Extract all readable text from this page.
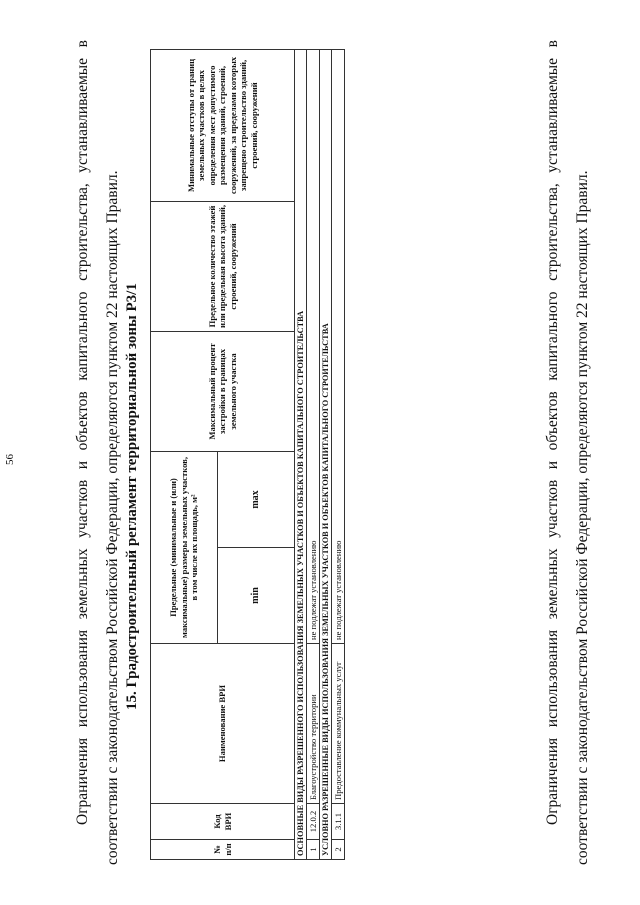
56	Ограничения использования земельных участков и объектов капитального строительства, устанавливаемые в соответствии с законодательством Российской Федерации, определяются пунктом 22 настоящих Правил. 15. Градостроительный регламент территориальной зоны Р3/1
№ п/п	Код ВРИ	Наименование ВРИ	Предельные (минимальные и (или) максимальные) размеры земельных участков, в том числе их площадь, м²		Максимальный процент застройки в границах земельного участка	Предельное количество этажей или предельная высота зданий, строений, сооружений	Минимальные отступы от границ земельных участков в целях определения мест допустимого размещения зданий, строений, сооружений, за пределами которых запрещено строительство зданий, строений, сооружений
			min	max			
ОСНОВНЫЕ ВИДЫ РАЗРЕШЕННОГО ИСПОЛЬЗОВАНИЯ ЗЕМЕЛЬНЫХ УЧАСТКОВ И ОБЪЕКТОВ КАПИТАЛЬНОГО СТРОИТЕЛЬСТВА							
1	12.0.2	Благоустройство территории	не подлежат установлению				
УСЛОВНО РАЗРЕШЕННЫЕ ВИДЫ ИСПОЛЬЗОВАНИЯ ЗЕМЕЛЬНЫХ УЧАСТКОВ И ОБЪЕКТОВ КАПИТАЛЬНОГО СТРОИТЕЛЬСТВА							
2	3.1.1	Предоставление коммунальных услуг	не подлежат установлению					Ограничения использования земельных участков и объектов капитального строительства, устанавливаемые в соответствии с законодательством Российской Федерации, определяются пунктом 22 настоящих Правил.
